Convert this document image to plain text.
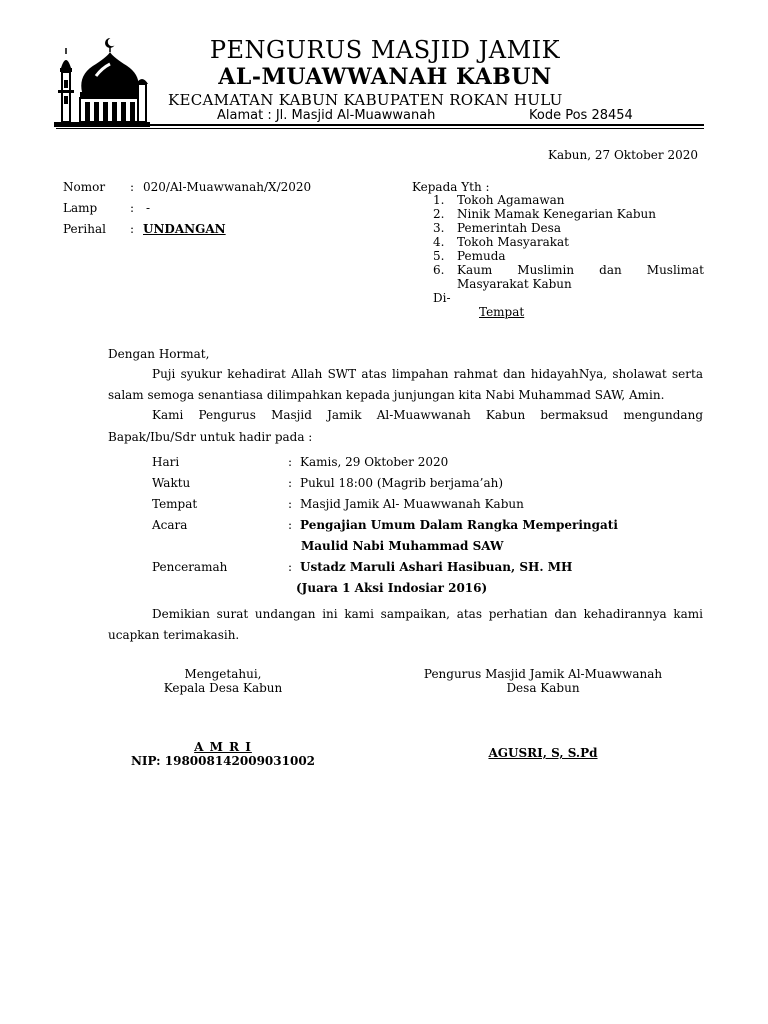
PENGURUS MASJID JAMIK
AL-MUAWWANAH KABUN
KECAMATAN KABUN KABUPATEN ROKAN HULU
Alamat : Jl. Masjid Al-Muawwanah	Kode Pos 28454
Kabun, 27 Oktober 2020
Nomor : 020/Al-Muawwanah/X/2020
Lamp	: -
Perihal : UNDANGAN
Kepada Yth :
1. Tokoh Agamawan
2. Ninik Mamak Kenegarian Kabun
3. Pemerintah Desa
4. Tokoh Masyarakat
5. Pemuda
6. Kaum Muslimin dan Muslimat
Masyarakat Kabun
Di-
Tempat
Dengan Hormat,
Puji syukur kehadirat Allah SWT atas limpahan rahmat dan hidayahNya, sholawat serta
salam semoga senantiasa dilimpahkan kepada junjungan kita Nabi Muhammad SAW, Amin.
Kami Pengurus Masjid Jamik Al-Muawwanah Kabun bermaksud mengundang
Bapak/Ibu/Sdr untuk hadir pada :
Hari	: Kamis, 29 Oktober 2020
Waktu	: Pukul 18:00 (Magrib berjama’ah)
Tempat	: Masjid Jamik Al- Muawwanah Kabun
Acara	: Pengajian Umum Dalam Rangka Memperingati
Maulid Nabi Muhammad SAW
Penceramah	: Ustadz Maruli Ashari Hasibuan, SH. MH
(Juara 1 Aksi Indosiar 2016)
Demikian surat undangan ini kami sampaikan, atas perhatian dan kehadirannya kami
ucapkan terimakasih.
Mengetahui,
Kepala Desa Kabun
A M R I
NIP: 198008142009031002
Pengurus Masjid Jamik Al-Muawwanah
Desa Kabun
AGUSRI, S, S.Pd
